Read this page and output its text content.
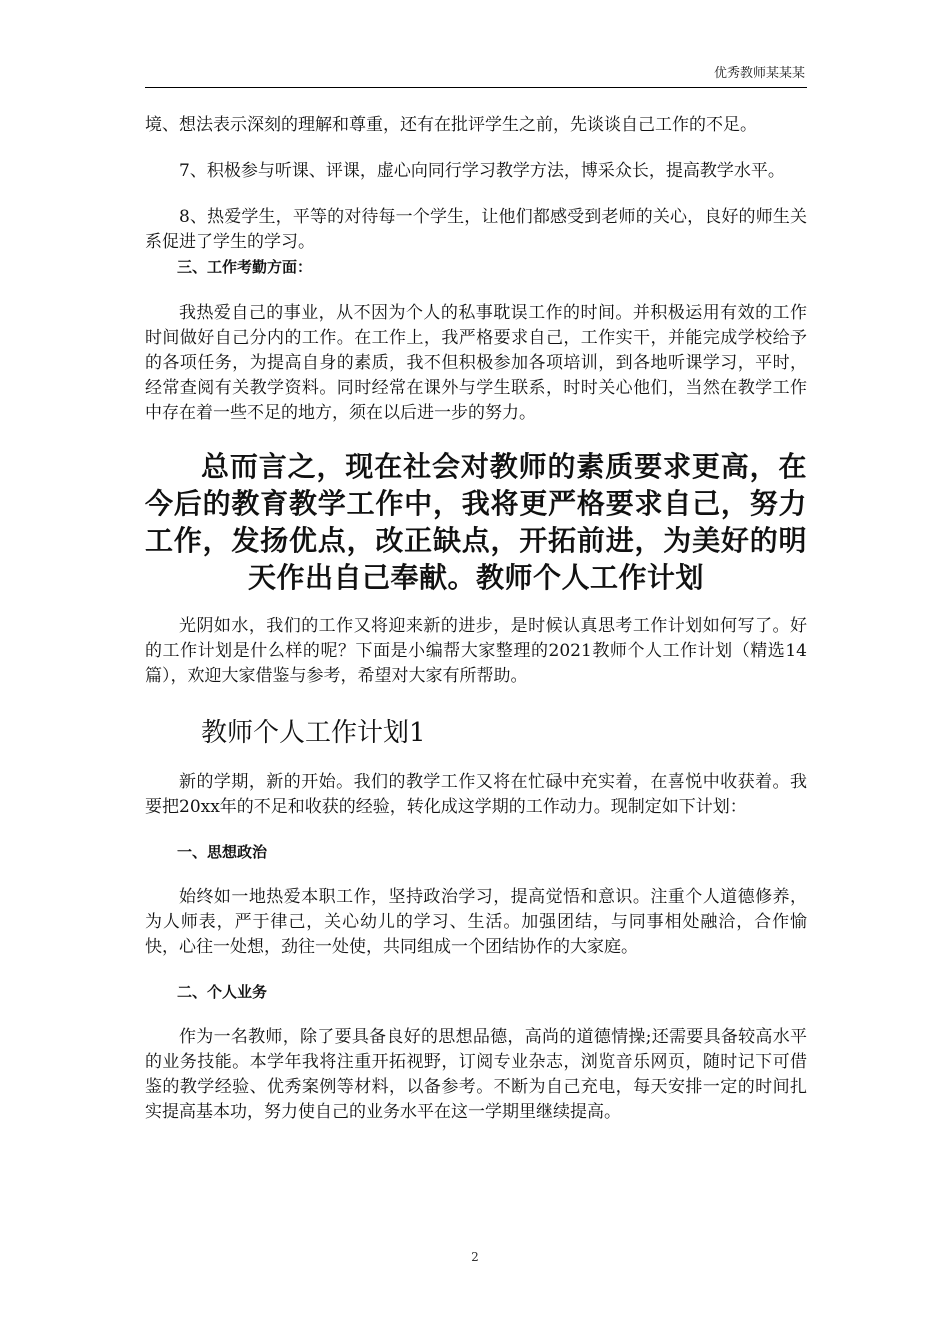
优秀教师某某某

境、想法表示深刻的理解和尊重，还有在批评学生之前，先谈谈自己工作的不足。

7、积极参与听课、评课，虚心向同行学习教学方法，博采众长，提高教学水平。

8、热爱学生，平等的对待每一个学生，让他们都感受到老师的关心，良好的师生关系促进了学生的学习。

三、工作考勤方面：

我热爱自己的事业，从不因为个人的私事耽误工作的时间。并积极运用有效的工作时间做好自己分内的工作。在工作上，我严格要求自己，工作实干，并能完成学校给予的各项任务，为提高自身的素质，我不但积极参加各项培训，到各地听课学习，平时，经常查阅有关教学资料。同时经常在课外与学生联系，时时关心他们，当然在教学工作中存在着一些不足的地方，须在以后进一步的努力。

总而言之，现在社会对教师的素质要求更高，在今后的教育教学工作中，我将更严格要求自己，努力工作，发扬优点，改正缺点，开拓前进，为美好的明天作出自己奉献。教师个人工作计划

光阴如水，我们的工作又将迎来新的进步，是时候认真思考工作计划如何写了。好的工作计划是什么样的呢？下面是小编帮大家整理的2021教师个人工作计划（精选14篇），欢迎大家借鉴与参考，希望对大家有所帮助。

教师个人工作计划1

新的学期，新的开始。我们的教学工作又将在忙碌中充实着，在喜悦中收获着。我要把20xx年的不足和收获的经验，转化成这学期的工作动力。现制定如下计划：

一、思想政治

始终如一地热爱本职工作，坚持政治学习，提高觉悟和意识。注重个人道德修养，为人师表，严于律己，关心幼儿的学习、生活。加强团结，与同事相处融洽，合作愉快，心往一处想，劲往一处使，共同组成一个团结协作的大家庭。

二、个人业务

作为一名教师，除了要具备良好的思想品德，高尚的道德情操;还需要具备较高水平的业务技能。本学年我将注重开拓视野，订阅专业杂志，浏览音乐网页，随时记下可借鉴的教学经验、优秀案例等材料，以备参考。不断为自己充电，每天安排一定的时间扎实提高基本功，努力使自己的业务水平在这一学期里继续提高。

2
